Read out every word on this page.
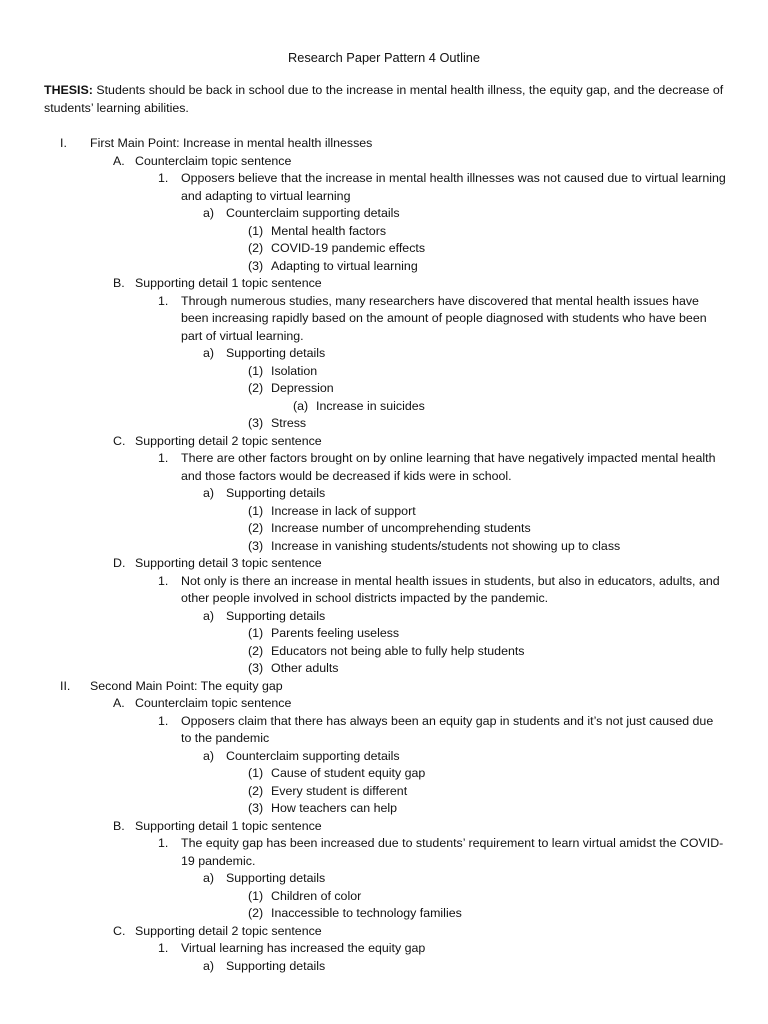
Research Paper Pattern 4 Outline
THESIS: Students should be back in school due to the increase in mental health illness, the equity gap, and the decrease of students’ learning abilities.
I. First Main Point: Increase in mental health illnesses
A. Counterclaim topic sentence
1. Opposers believe that the increase in mental health illnesses was not caused due to virtual learning and adapting to virtual learning
a) Counterclaim supporting details
(1) Mental health factors
(2) COVID-19 pandemic effects
(3) Adapting to virtual learning
B. Supporting detail 1 topic sentence
1. Through numerous studies, many researchers have discovered that mental health issues have been increasing rapidly based on the amount of people diagnosed with students who have been part of virtual learning.
a) Supporting details
(1) Isolation
(2) Depression
(a) Increase in suicides
(3) Stress
C. Supporting detail 2 topic sentence
1. There are other factors brought on by online learning that have negatively impacted mental health and those factors would be decreased if kids were in school.
a) Supporting details
(1) Increase in lack of support
(2) Increase number of uncomprehending students
(3) Increase in vanishing students/students not showing up to class
D. Supporting detail 3 topic sentence
1. Not only is there an increase in mental health issues in students, but also in educators, adults, and other people involved in school districts impacted by the pandemic.
a) Supporting details
(1) Parents feeling useless
(2) Educators not being able to fully help students
(3) Other adults
II. Second Main Point: The equity gap
A. Counterclaim topic sentence
1. Opposers claim that there has always been an equity gap in students and it’s not just caused due to the pandemic
a) Counterclaim supporting details
(1) Cause of student equity gap
(2) Every student is different
(3) How teachers can help
B. Supporting detail 1 topic sentence
1. The equity gap has been increased due to students’ requirement to learn virtual amidst the COVID-19 pandemic.
a) Supporting details
(1) Children of color
(2) Inaccessible to technology families
C. Supporting detail 2 topic sentence
1. Virtual learning has increased the equity gap
a) Supporting details
